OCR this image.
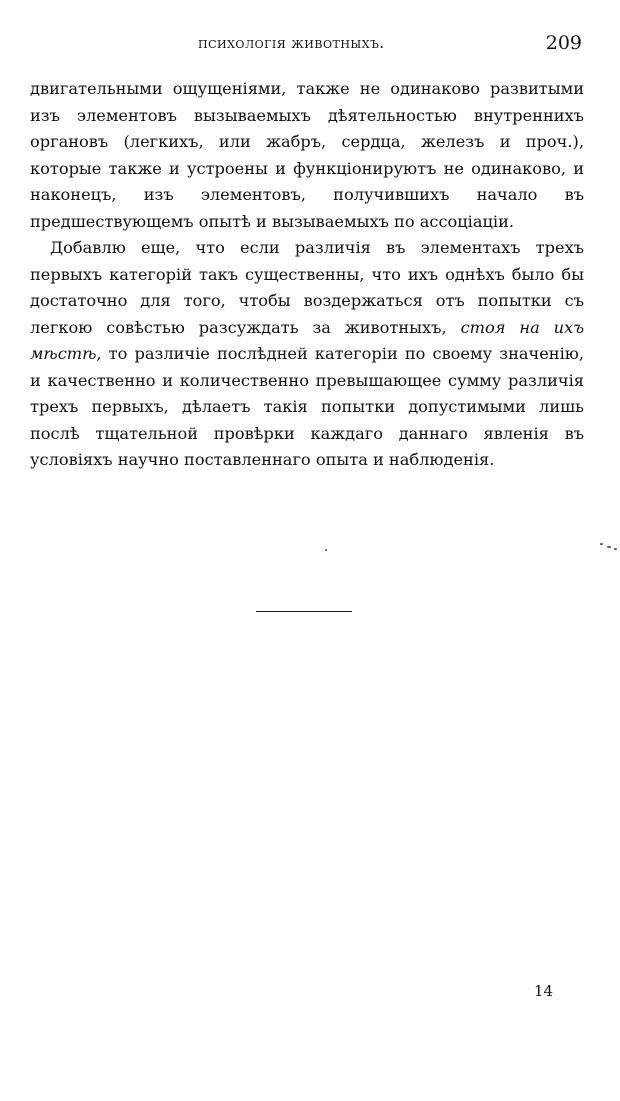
психологія животныхъ.	209

двигательными ощущеніями, также не одинаково развитыми изъ элементовъ вызываемыхъ дѣятельностью внутреннихъ органовъ (легкихъ, или жабръ, сердца, железъ и проч.), которые также и устроены и функціонируютъ не одинаково, и наконецъ, изъ элементовъ, получившихъ начало въ предшествующемъ опытѣ и вызываемыхъ по ассоціаціи.

Добавлю еще, что если различія въ элементахъ трехъ первыхъ категорій такъ существенны, что ихъ однѣхъ было бы достаточно для того, чтобы воздержаться отъ попытки съ легкою совѣстью разсуждать за животныхъ, стоя на ихъ мѣстѣ, то различіе послѣдней категоріи по своему значенію, и качественно и количественно превышающее сумму различія трехъ первыхъ, дѣлаетъ такія попытки допустимыми лишь послѣ тщательной провѣрки каждаго даннаго явленія въ условіяхъ научно поставленнаго опыта и наблюденія.

14
